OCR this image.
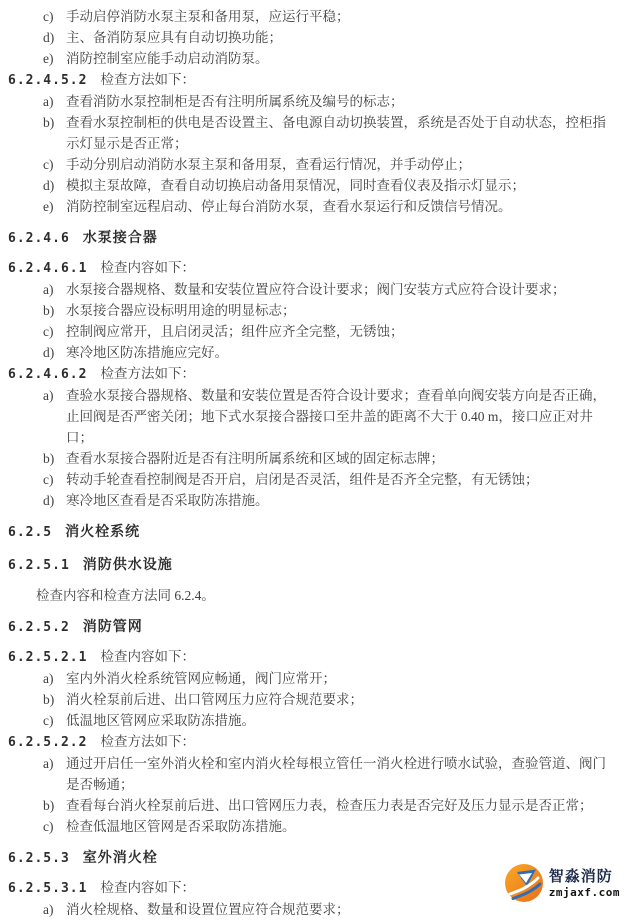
c) 手动启停消防水泵主泵和备用泵，应运行平稳；
d) 主、备消防泵应具有自动切换功能；
e) 消防控制室应能手动启动消防泵。
6.2.4.5.2 检查方法如下：
a) 查看消防水泵控制柜是否有注明所属系统及编号的标志；
b) 查看水泵控制柜的供电是否设置主、备电源自动切换装置，系统是否处于自动状态，控柜指示灯显示是否正常；
c) 手动分别启动消防水泵主泵和备用泵，查看运行情况，并手动停止；
d) 模拟主泵故障，查看自动切换启动备用泵情况，同时查看仪表及指示灯显示；
e) 消防控制室远程启动、停止每台消防水泵，查看水泵运行和反馈信号情况。
6.2.4.6 水泵接合器
6.2.4.6.1 检查内容如下：
a) 水泵接合器规格、数量和安装位置应符合设计要求；阀门安装方式应符合设计要求；
b) 水泵接合器应设标明用途的明显标志；
c) 控制阀应常开，且启闭灵活；组件应齐全完整，无锈蚀；
d) 寒冷地区防冻措施应完好。
6.2.4.6.2 检查方法如下：
a) 查验水泵接合器规格、数量和安装位置是否符合设计要求；查看单向阀安装方向是否正确，止回阀是否严密关闭；地下式水泵接合器接口至井盖的距离不大于 0.40 m，接口应正对井口；
b) 查看水泵接合器附近是否有注明所属系统和区域的固定标志牌；
c) 转动手轮查看控制阀是否开启，启闭是否灵活，组件是否齐全完整，有无锈蚀；
d) 寒冷地区查看是否采取防冻措施。
6.2.5 消火栓系统
6.2.5.1 消防供水设施
检查内容和检查方法同 6.2.4。
6.2.5.2 消防管网
6.2.5.2.1 检查内容如下：
a) 室内外消火栓系统管网应畅通，阀门应常开；
b) 消火栓泵前后进、出口管网压力应符合规范要求；
c) 低温地区管网应采取防冻措施。
6.2.5.2.2 检查方法如下：
a) 通过开启任一室外消火栓和室内消火栓每根立管任一消火栓进行喷水试验，查验管道、阀门是否畅通；
b) 查看每台消火栓泵前后进、出口管网压力表，检查压力表是否完好及压力显示是否正常；
c) 检查低温地区管网是否采取防冻措施。
6.2.5.3 室外消火栓
6.2.5.3.1 检查内容如下：
a) 消火栓规格、数量和设置位置应符合规范要求；
智淼消防
zmjaxf.com
